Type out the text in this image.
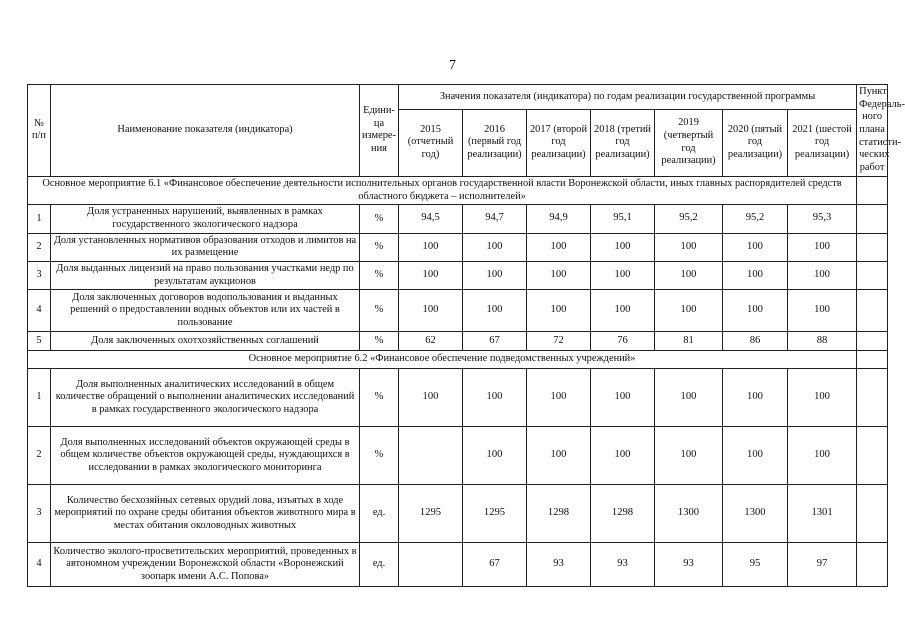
7
№ п/п	Наименование показателя (индикатора)	Едини-ца измере-ния	Значения показателя (индикатора) по годам реализации государственной программы							Пункт Федераль-ного плана статисти-ческих работ
			2015 (отчетный год)	2016 (первый год реализации)	2017 (второй год реализации)	2018 (третий год реализации)	2019 (четвертый год реализации)	2020 (пятый год реализации)	2021 (шестой год реализации)	
Основное мероприятие 6.1 «Финансовое обеспечение деятельности исполнительных органов государственной власти Воронежской области, иных главных распорядителей средств областного бюджета – исполнителей»										
1	Доля устраненных нарушений, выявленных в рамках государственного экологического надзора	%	94,5	94,7	94,9	95,1	95,2	95,2	95,3	
2	Доля установленных нормативов образования отходов и лимитов на их размещение	%	100	100	100	100	100	100	100	
3	Доля выданных лицензий на право пользования участками недр по результатам аукционов	%	100	100	100	100	100	100	100	
4	Доля заключенных договоров водопользования и выданных решений о предоставлении водных объектов или их частей в пользование	%	100	100	100	100	100	100	100	
5	Доля заключенных охотхозяйственных соглашений	%	62	67	72	76	81	86	88	
Основное мероприятие 6.2 «Финансовое обеспечение подведомственных учреждений»										
1	Доля выполненных аналитических исследований в общем количестве обращений о выполнении аналитических исследований в рамках государственного экологического надзора	%	100	100	100	100	100	100	100	
2	Доля выполненных исследований объектов окружающей среды в общем количестве объектов окружающей среды, нуждающихся в исследовании в рамках экологического мониторинга	%		100	100	100	100	100	100	
3	Количество бесхозяйных сетевых орудий лова, изъятых в ходе мероприятий по охране среды обитания объектов животного мира в местах обитания околоводных животных	ед.	1295	1295	1298	1298	1300	1300	1301	
4	Количество эколого-просветительских мероприятий, проведенных в автономном учреждении Воронежской области «Воронежский зоопарк имени А.С. Попова»	ед.		67	93	93	93	95	97	
